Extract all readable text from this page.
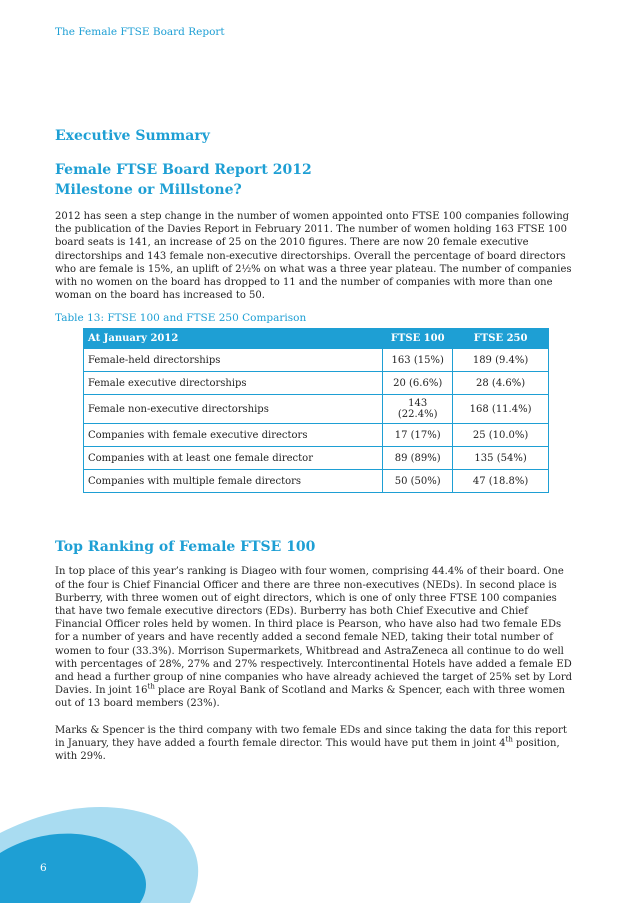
The Female FTSE Board Report
Executive Summary
Female FTSE Board Report 2012
Milestone or Millstone?

2012 has seen a step change in the number of women appointed onto FTSE 100 companies following the publication of the Davies Report in February 2011. The number of women holding 163 FTSE 100 board seats is 141, an increase of 25 on the 2010 figures. There are now 20 female executive directorships and 143 female non-executive directorships. Overall the percentage of board directors who are female is 15%, an uplift of 2½% on what was a three year plateau. The number of companies with no women on the board has dropped to 11 and the number of companies with more than one woman on the board has increased to 50.

Table 13: FTSE 100 and FTSE 250 Comparison
At January 2012	FTSE 100	FTSE 250
Female-held directorships	163 (15%)	189 (9.4%)
Female executive directorships	20 (6.6%)	28 (4.6%)
Female non-executive directorships	143 (22.4%)	168 (11.4%)
Companies with female executive directors	17 (17%)	25 (10.0%)
Companies with at least one female director	89 (89%)	135 (54%)
Companies with multiple female directors	50 (50%)	47 (18.8%)
Top Ranking of Female FTSE 100

In top place of this year’s ranking is Diageo with four women, comprising 44.4% of their board. One of the four is Chief Financial Officer and there are three non-executives (NEDs). In second place is Burberry, with three women out of eight directors, which is one of only three FTSE 100 companies that have two female executive directors (EDs). Burberry has both Chief Executive and Chief Financial Officer roles held by women. In third place is Pearson, who have also had two female EDs for a number of years and have recently added a second female NED, taking their total number of women to four (33.3%). Morrison Supermarkets, Whitbread and AstraZeneca all continue to do well with percentages of 28%, 27% and 27% respectively. Intercontinental Hotels have added a female ED and head a further group of nine companies who have already achieved the target of 25% set by Lord Davies. In joint 16th place are Royal Bank of Scotland and Marks & Spencer, each with three women out of 13 board members (23%).

Marks & Spencer is the third company with two female EDs and since taking the data for this report in January, they have added a fourth female director. This would have put them in joint 4th position, with 29%.

6
